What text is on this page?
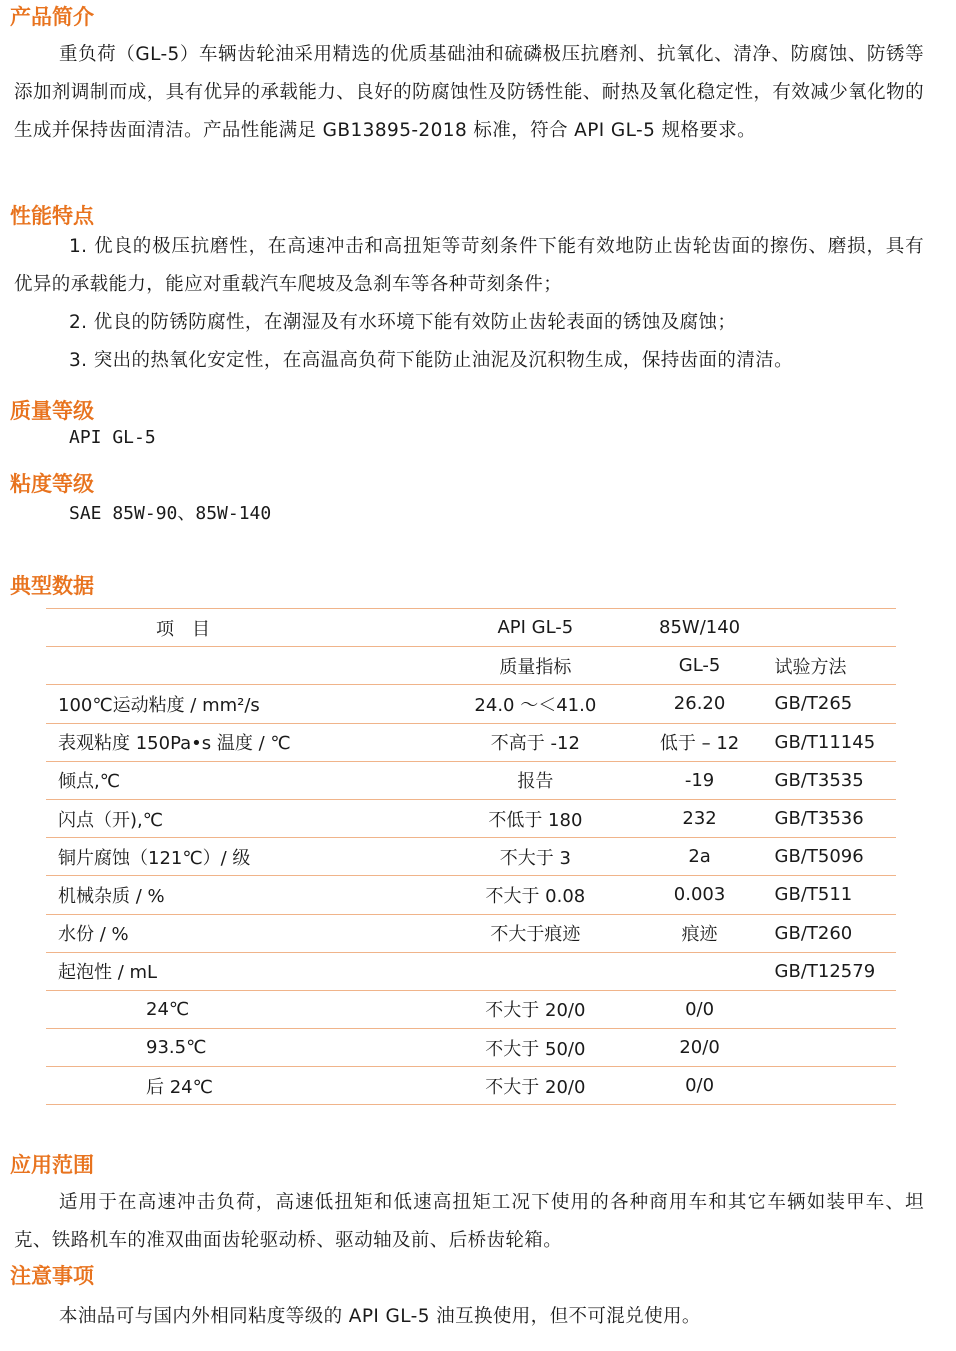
产品简介

重负荷（GL-5）车辆齿轮油采用精选的优质基础油和硫磷极压抗磨剂、抗氧化、清净、防腐蚀、防锈等添加剂调制而成，具有优异的承载能力、良好的防腐蚀性及防锈性能、耐热及氧化稳定性，有效减少氧化物的生成并保持齿面清洁。产品性能满足 GB13895-2018 标准，符合 API GL-5 规格要求。

性能特点

1. 优良的极压抗磨性，在高速冲击和高扭矩等苛刻条件下能有效地防止齿轮齿面的擦伤、磨损，具有优异的承载能力，能应对重载汽车爬坡及急刹车等各种苛刻条件；

2. 优良的防锈防腐性，在潮湿及有水环境下能有效防止齿轮表面的锈蚀及腐蚀；

3. 突出的热氧化安定性，在高温高负荷下能防止油泥及沉积物生成，保持齿面的清洁。

质量等级

API GL-5

粘度等级

SAE 85W-90、85W-140

典型数据
项　目	API GL-5	85W/140	
	质量指标	GL-5	试验方法
100℃运动粘度 / mm²/s	24.0 ～＜41.0	26.20	GB/T265
表观粘度 150Pa•s 温度 / ℃	不高于 -12	低于 – 12	GB/T11145
倾点,℃	报告	-19	GB/T3535
闪点（开),℃	不低于 180	232	GB/T3536
铜片腐蚀（121℃）/ 级	不大于 3	2a	GB/T5096
机械杂质 / %	不大于 0.08	0.003	GB/T511
水份 / %	不大于痕迹	痕迹	GB/T260
起泡性 / mL			GB/T12579
24℃	不大于 20/0	0/0	
93.5℃	不大于 50/0	20/0	
后 24℃	不大于 20/0	0/0	
应用范围

适用于在高速冲击负荷，高速低扭矩和低速高扭矩工况下使用的各种商用车和其它车辆如装甲车、坦克、铁路机车的准双曲面齿轮驱动桥、驱动轴及前、后桥齿轮箱。

注意事项

本油品可与国内外相同粘度等级的 API GL-5 油互换使用，但不可混兑使用。
